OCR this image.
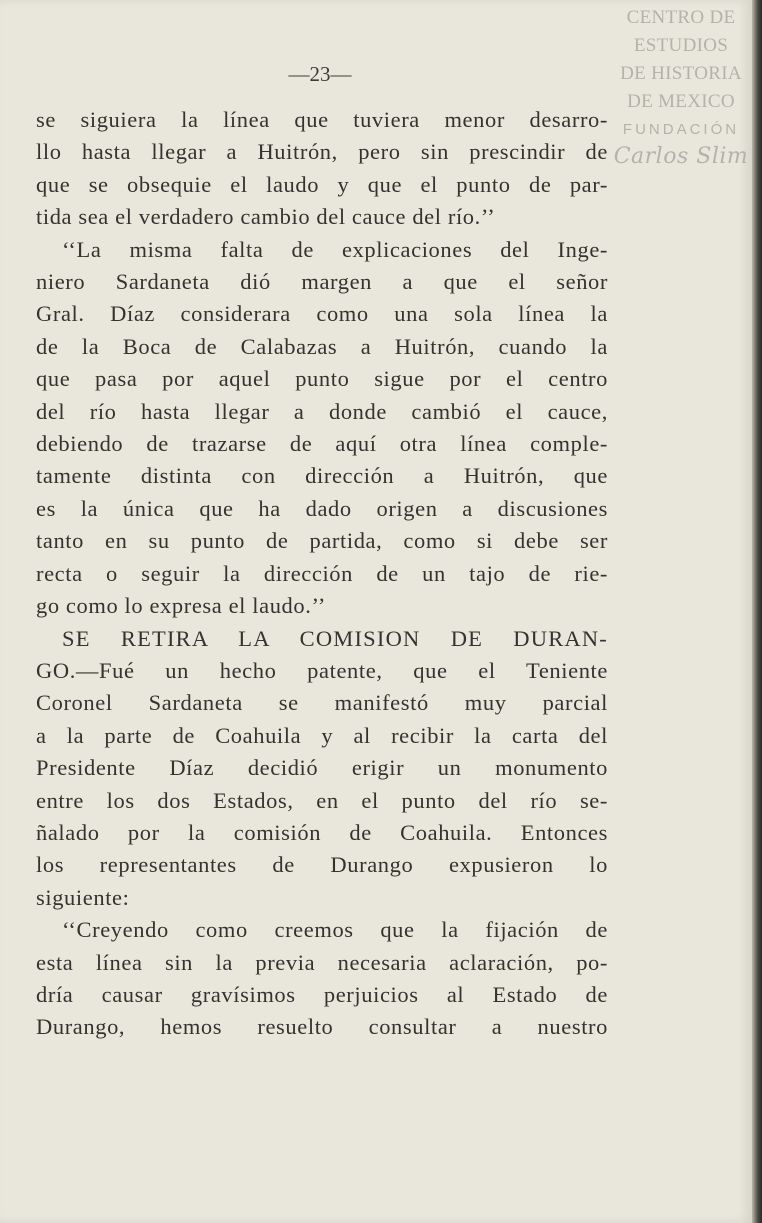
CENTRO DE
ESTUDIOS
DE HISTORIA
DE MEXICO
FUNDACIÓN
Carlos Slim
—23—

se siguiera la línea que tuviera menor desarro-

llo hasta llegar a Huitrón, pero sin prescindir de

que se obsequie el laudo y que el punto de par-

tida sea el verdadero cambio del cauce del río.’’

‘‘La misma falta de explicaciones del Inge-

niero Sardaneta dió margen a que el señor

Gral. Díaz considerara como una sola línea la

de la Boca de Calabazas a Huitrón, cuando la

que pasa por aquel punto sigue por el centro

del río hasta llegar a donde cambió el cauce,

debiendo de trazarse de aquí otra línea comple-

tamente distinta con dirección a Huitrón, que

es la única que ha dado origen a discusiones

tanto en su punto de partida, como si debe ser

recta o seguir la dirección de un tajo de rie-

go como lo expresa el laudo.’’

SE RETIRA LA COMISION DE DURAN-

GO.—Fué un hecho patente, que el Teniente

Coronel Sardaneta se manifestó muy parcial

a la parte de Coahuila y al recibir la carta del

Presidente Díaz decidió erigir un monumento

entre los dos Estados, en el punto del río se-

ñalado por la comisión de Coahuila. Entonces

los representantes de Durango expusieron lo

siguiente:

‘‘Creyendo como creemos que la fijación de

esta línea sin la previa necesaria aclaración, po-

dría causar gravísimos perjuicios al Estado de

Durango, hemos resuelto consultar a nuestro
